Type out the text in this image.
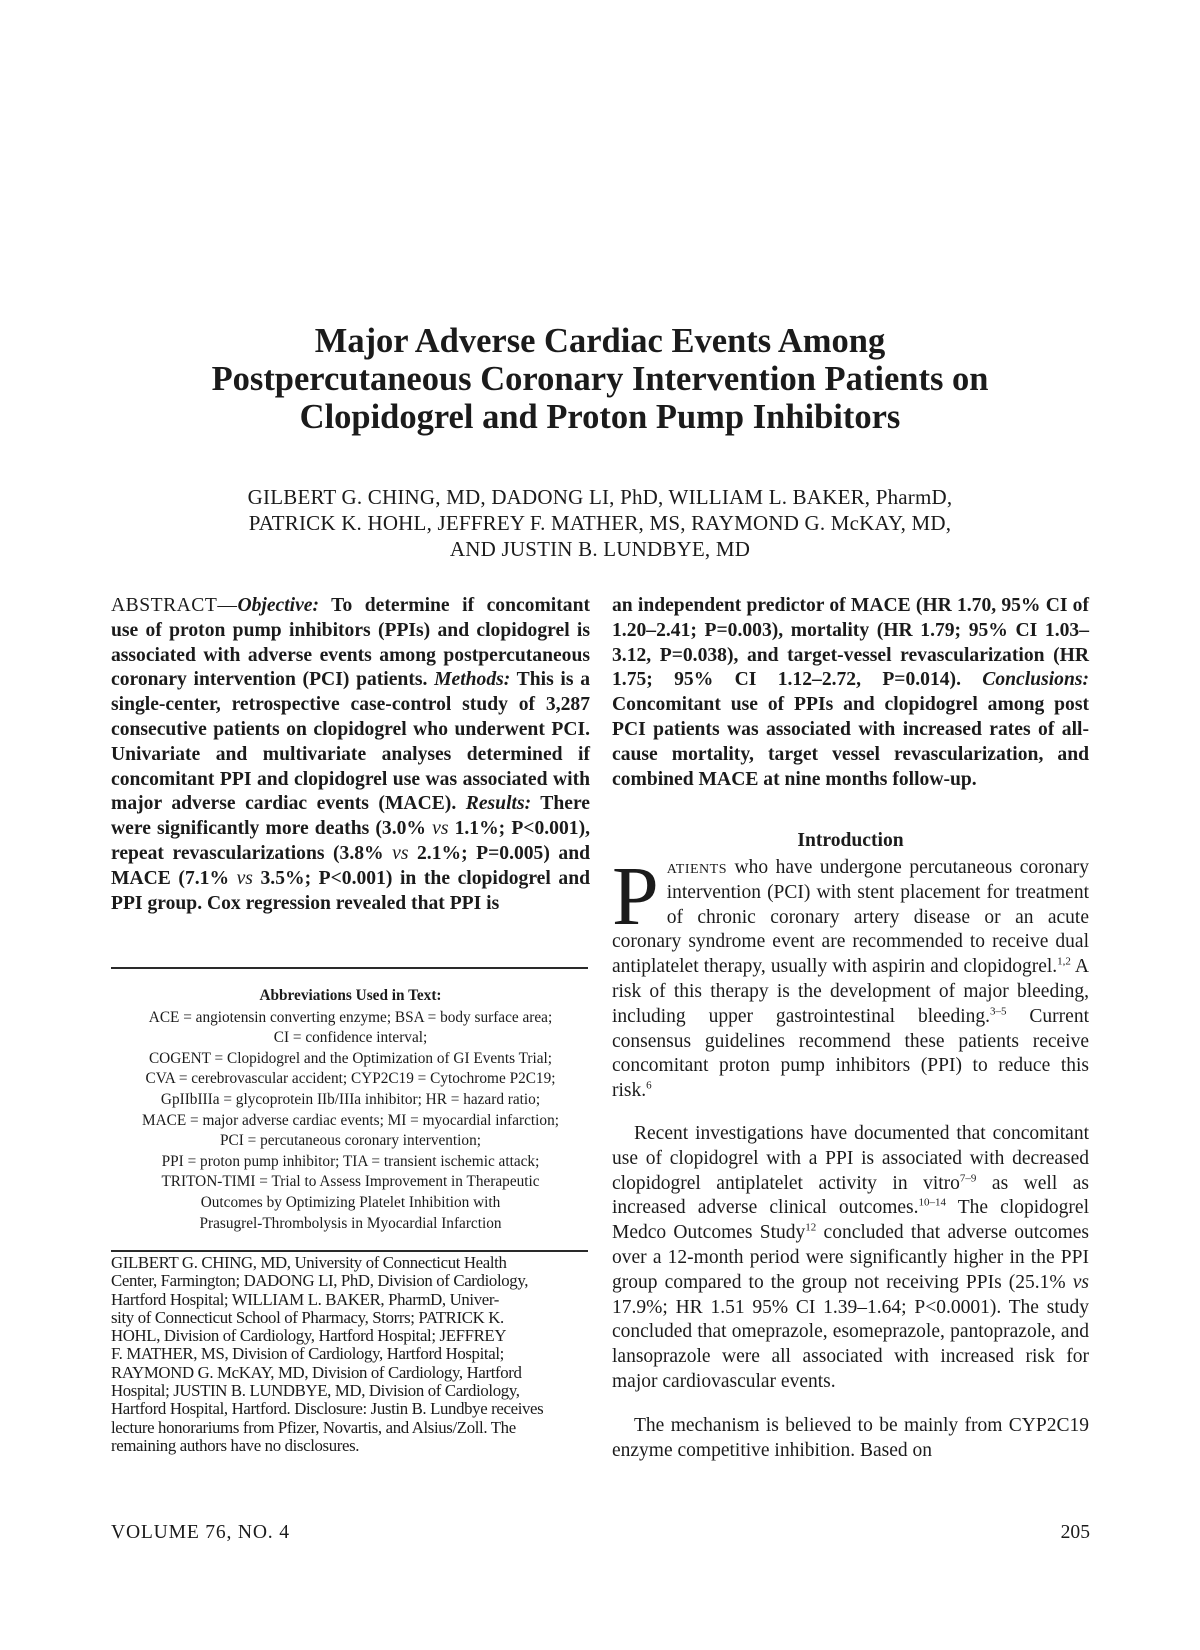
Major Adverse Cardiac Events Among
Postpercutaneous Coronary Intervention Patients on
Clopidogrel and Proton Pump Inhibitors
GILBERT G. CHING, MD, DADONG LI, PhD, WILLIAM L. BAKER, PharmD,
PATRICK K. HOHL, JEFFREY F. MATHER, MS, RAYMOND G. McKAY, MD,
AND JUSTIN B. LUNDBYE, MD
ABSTRACT—Objective: To determine if concomitant use of proton pump inhibitors (PPIs) and clopidogrel is associated with adverse events among postpercutaneous coronary intervention (PCI) patients. Methods: This is a single-center, retrospective case-control study of 3,287 consecutive patients on clopidogrel who underwent PCI. Univariate and multivariate analyses determined if concomitant PPI and clopidogrel use was associated with major adverse cardiac events (MACE). Results: There were significantly more deaths (3.0% vs 1.1%; P<0.001), repeat revascularizations (3.8% vs 2.1%; P=0.005) and MACE (7.1% vs 3.5%; P<0.001) in the clopidogrel and PPI group. Cox regression revealed that PPI is
an independent predictor of MACE (HR 1.70, 95% CI of 1.20–2.41; P=0.003), mortality (HR 1.79; 95% CI 1.03–3.12, P=0.038), and target-vessel revascularization (HR 1.75; 95% CI 1.12–2.72, P=0.014). Conclusions: Concomitant use of PPIs and clopidogrel among post PCI patients was associated with increased rates of all-cause mortality, target vessel revascularization, and combined MACE at nine months follow-up.
Abbreviations Used in Text:
ACE = angiotensin converting enzyme; BSA = body surface area;
CI = confidence interval;
COGENT = Clopidogrel and the Optimization of GI Events Trial;
CVA = cerebrovascular accident; CYP2C19 = Cytochrome P2C19;
GpIIbIIIa = glycoprotein IIb/IIIa inhibitor; HR = hazard ratio;
MACE = major adverse cardiac events; MI = myocardial infarction;
PCI = percutaneous coronary intervention;
PPI = proton pump inhibitor; TIA = transient ischemic attack;
TRITON-TIMI = Trial to Assess Improvement in Therapeutic
Outcomes by Optimizing Platelet Inhibition with
Prasugrel-Thrombolysis in Myocardial Infarction
GILBERT G. CHING, MD, University of Connecticut Health
Center, Farmington; DADONG LI, PhD, Division of Cardiology,
Hartford Hospital; WILLIAM L. BAKER, PharmD, Univer-
sity of Connecticut School of Pharmacy, Storrs; PATRICK K.
HOHL, Division of Cardiology, Hartford Hospital; JEFFREY
F. MATHER, MS, Division of Cardiology, Hartford Hospital;
RAYMOND G. McKAY, MD, Division of Cardiology, Hartford
Hospital; JUSTIN B. LUNDBYE, MD, Division of Cardiology,
Hartford Hospital, Hartford. Disclosure: Justin B. Lundbye receives
lecture honorariums from Pfizer, Novartis, and Alsius/Zoll. The
remaining authors have no disclosures.
Introduction
Patients who have undergone percutaneous coronary intervention (PCI) with stent placement for treatment of chronic coronary artery disease or an acute coronary syndrome event are recommended to receive dual antiplatelet therapy, usually with aspirin and clopidogrel.$^{1,2}$ A risk of this therapy is the development of major bleeding, including upper gastrointestinal bleeding.$^{3-5}$ Current consensus guidelines recommend these patients receive concomitant proton pump inhibitors (PPI) to reduce this risk.$^6$
Recent investigations have documented that concomitant use of clopidogrel with a PPI is associated with decreased clopidogrel antiplatelet activity in vitro$^{7-9}$ as well as increased adverse clinical outcomes.$^{10-14}$ The clopidogrel Medco Outcomes Study$^{12}$ concluded that adverse outcomes over a 12-month period were significantly higher in the PPI group compared to the group not receiving PPIs (25.1% vs 17.9%; HR 1.51 95% CI 1.39–1.64; P<0.0001). The study concluded that omeprazole, esomeprazole, pantoprazole, and lansoprazole were all associated with increased risk for major cardiovascular events.
The mechanism is believed to be mainly from CYP2C19 enzyme competitive inhibition. Based on
VOLUME 76, NO. 4	205
